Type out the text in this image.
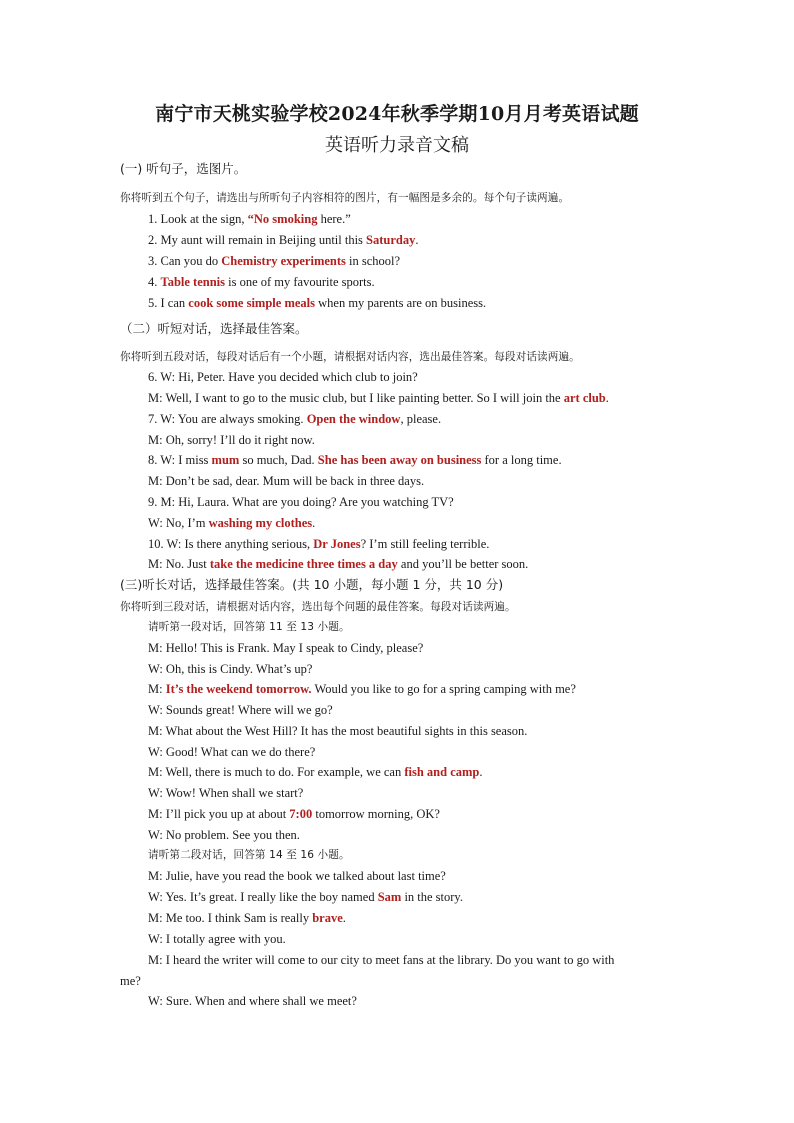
南宁市天桃实验学校2024年秋季学期10月月考英语试题
英语听力录音文稿
(一) 听句子，选图片。
你将听到五个句子，请选出与所听句子内容相符的图片，有一幅图是多余的。每个句子读两遍。
1. Look at the sign, “No smoking here.”
2. My aunt will remain in Beijing until this Saturday.
3. Can you do Chemistry experiments in school?
4. Table tennis is one of my favourite sports.
5. I can cook some simple meals when my parents are on business.
（二）听短对话，选择最佳答案。
你将听到五段对话，每段对话后有一个小题，请根据对话内容，选出最佳答案。每段对话读两遍。
6. W: Hi, Peter. Have you decided which club to join?
M: Well, I want to go to the music club, but I like painting better. So I will join the art club.
7. W: You are always smoking. Open the window, please.
M: Oh, sorry! I’ll do it right now.
8. W: I miss mum so much, Dad. She has been away on business for a long time.
M: Don’t be sad, dear. Mum will be back in three days.
9. M: Hi, Laura. What are you doing? Are you watching TV?
W: No, I’m washing my clothes.
10. W: Is there anything serious, Dr Jones? I’m still feeling terrible.
M: No. Just take the medicine three times a day and you’ll be better soon.
(三)听长对话，选择最佳答案。(共 10 小题，每小题 1 分，共 10 分)
你将听到三段对话，请根据对话内容，选出每个问题的最佳答案。每段对话读两遍。
请听第一段对话，回答第 11 至 13 小题。
M: Hello! This is Frank. May I speak to Cindy, please?
W: Oh, this is Cindy. What’s up?
M: It’s the weekend tomorrow. Would you like to go for a spring camping with me?
W: Sounds great! Where will we go?
M: What about the West Hill? It has the most beautiful sights in this season.
W: Good! What can we do there?
M: Well, there is much to do. For example, we can fish and camp.
W: Wow! When shall we start?
M: I’ll pick you up at about 7:00 tomorrow morning, OK?
W: No problem. See you then.
请听第二段对话，回答第 14 至 16 小题。
M: Julie, have you read the book we talked about last time?
W: Yes. It’s great. I really like the boy named Sam in the story.
M: Me too. I think Sam is really brave.
W: I totally agree with you.
M: I heard the writer will come to our city to meet fans at the library. Do you want to go with
me?
W: Sure. When and where shall we meet?
